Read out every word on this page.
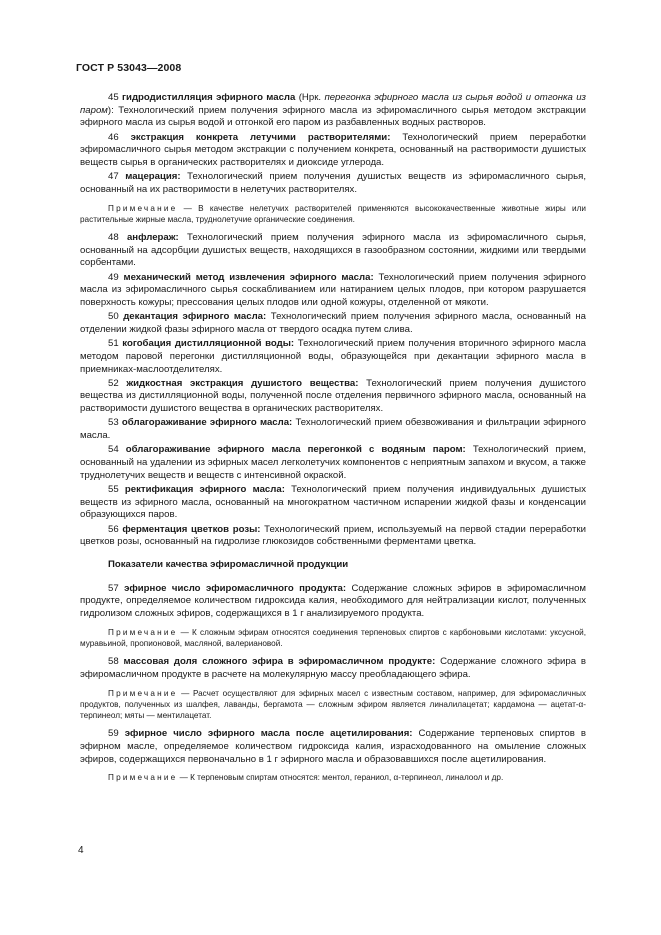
ГОСТ Р 53043—2008

45 гидродистилляция эфирного масла (Нрк. перегонка эфирного масла из сырья водой и отгонка из паром): Технологический прием получения эфирного масла из эфиромасличного сырья методом экстракции эфирного масла из сырья водой и отгонкой его паром из разбавленных водных растворов.

46 экстракция конкрета летучими растворителями: Технологический прием переработки эфиромасличного сырья методом экстракции с получением конкрета, основанный на растворимости душистых веществ сырья в органических растворителях и диоксиде углерода.

47 мацерация: Технологический прием получения душистых веществ из эфиромасличного сырья, основанный на их растворимости в нелетучих растворителях.

Примечание — В качестве нелетучих растворителей применяются высококачественные животные жиры или растительные жирные масла, труднолетучие органические соединения.

48 анфлераж: Технологический прием получения эфирного масла из эфиромасличного сырья, основанный на адсорбции душистых веществ, находящихся в газообразном состоянии, жидкими или твердыми сорбентами.

49 механический метод извлечения эфирного масла: Технологический прием получения эфирного масла из эфиромасличного сырья соскабливанием или натиранием целых плодов, при котором разрушается поверхность кожуры; прессования целых плодов или одной кожуры, отделенной от мякоти.

50 декантация эфирного масла: Технологический прием получения эфирного масла, основанный на отделении жидкой фазы эфирного масла от твердого осадка путем слива.

51 когобация дистилляционной воды: Технологический прием получения вторичного эфирного масла методом паровой перегонки дистилляционной воды, образующейся при декантации эфирного масла в приемниках-маслоотделителях.

52 жидкостная экстракция душистого вещества: Технологический прием получения душистого вещества из дистилляционной воды, полученной после отделения первичного эфирного масла, основанный на растворимости душистого вещества в органических растворителях.

53 облагораживание эфирного масла: Технологический прием обезвоживания и фильтрации эфирного масла.

54 облагораживание эфирного масла перегонкой с водяным паром: Технологический прием, основанный на удалении из эфирных масел легколетучих компонентов с неприятным запахом и вкусом, а также труднолетучих веществ и веществ с интенсивной окраской.

55 ректификация эфирного масла: Технологический прием получения индивидуальных душистых веществ из эфирного масла, основанный на многократном частичном испарении жидкой фазы и конденсации образующихся паров.

56 ферментация цветков розы: Технологический прием, используемый на первой стадии переработки цветков розы, основанный на гидролизе глюкозидов собственными ферментами цветка.

Показатели качества эфиромасличной продукции

57 эфирное число эфиромасличного продукта: Содержание сложных эфиров в эфиромасличном продукте, определяемое количеством гидроксида калия, необходимого для нейтрализации кислот, полученных гидролизом сложных эфиров, содержащихся в 1 г анализируемого продукта.

Примечание — К сложным эфирам относятся соединения терпеновых спиртов с карбоновыми кислотами: уксусной, муравьиной, пропионовой, масляной, валериановой.

58 массовая доля сложного эфира в эфиромасличном продукте: Содержание сложного эфира в эфиромасличном продукте в расчете на молекулярную массу преобладающего эфира.

Примечание — Расчет осуществляют для эфирных масел с известным составом, например, для эфиромасличных продуктов, полученных из шалфея, лаванды, бергамота — сложным эфиром является линалилацетат; кардамона — ацетат-α-терпинеол; мяты — ментилацетат.

59 эфирное число эфирного масла после ацетилирования: Содержание терпеновых спиртов в эфирном масле, определяемое количеством гидроксида калия, израсходованного на омыление сложных эфиров, содержащихся первоначально в 1 г эфирного масла и образовавшихся после ацетилирования.

Примечание — К терпеновым спиртам относятся: ментол, гераниол, α-терпинеол, линалоол и др.

4
